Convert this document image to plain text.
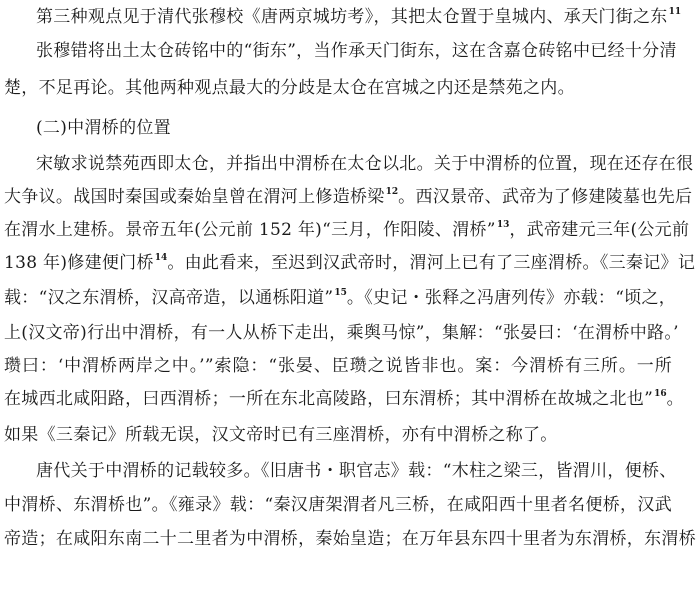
第三种观点见于清代张穆校《唐两京城坊考》，其把太仓置于皇城内、承天门街之东$^{11}$
张穆错将出土太仓砖铭中的“街东”，当作承天门街东，这在含嘉仓砖铭中已经十分清
楚，不足再论。其他两种观点最大的分歧是太仓在宫城之内还是禁苑之内。
(二)中渭桥的位置
宋敏求说禁苑西即太仓，并指出中渭桥在太仓以北。关于中渭桥的位置，现在还存在很
大争议。战国时秦国或秦始皇曾在渭河上修造桥梁$^{12}$。西汉景帝、武帝为了修建陵墓也先后
在渭水上建桥。景帝五年(公元前 152 年)“三月，作阳陵、渭桥”$^{13}$，武帝建元三年(公元前
138 年)修建便门桥$^{14}$。由此看来，至迟到汉武帝时，渭河上已有了三座渭桥。《三秦记》记
载：“汉之东渭桥，汉高帝造，以通栎阳道”$^{15}$。《史记・张释之冯唐列传》亦载：“顷之，
上(汉文帝)行出中渭桥，有一人从桥下走出，乘舆马惊”，集解：“张晏曰：‘在渭桥中路。’
瓒曰：‘中渭桥两岸之中。’”索隐：“张晏、臣瓒之说皆非也。案：今渭桥有三所。一所
在城西北咸阳路，曰西渭桥；一所在东北高陵路，曰东渭桥；其中渭桥在故城之北也”$^{16}$。
如果《三秦记》所载无误，汉文帝时已有三座渭桥，亦有中渭桥之称了。
唐代关于中渭桥的记载较多。《旧唐书・职官志》载：“木柱之梁三，皆渭川，便桥、
中渭桥、东渭桥也”。《雍录》载：“秦汉唐架渭者凡三桥，在咸阳西十里者名便桥，汉武
帝造；在咸阳东南二十二里者为中渭桥，秦始皇造；在万年县东四十里者为东渭桥，东渭桥
